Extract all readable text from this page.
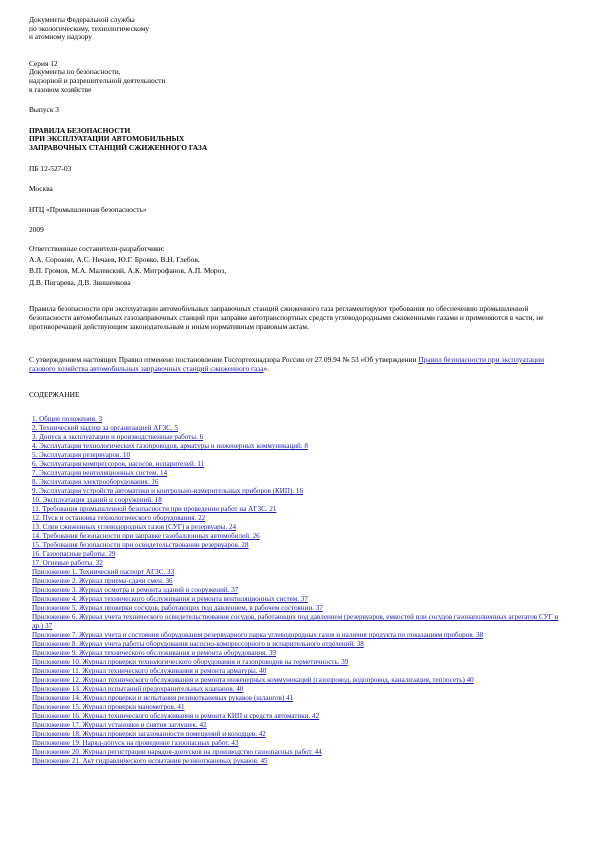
Документы Федеральной службы
по экологическому, технологическому
и атомному надзору
Серия 12
Документы по безопасности,
надзорной и разрешительной деятельности
в газовом хозяйстве
Выпуск 3
ПРАВИЛА БЕЗОПАСНОСТИ
ПРИ ЭКСПЛУАТАЦИИ АВТОМОБИЛЬНЫХ
ЗАПРАВОЧНЫХ СТАНЦИЙ СЖИЖЕННОГО ГАЗА
ПБ 12-527-03
Москва
НТЦ «Промышленная безопасность»
2009
Ответственные составители-разработчики:
А.А. Сорокин, А.С. Нечаев, Ю.Г. Бровко, В.Н. Глебов,
В.П. Громов, М.А. Малевский, А.К. Митрофанов, А.П. Мороз,
Д.В. Пигарева, Д.В. Звишенкова

Правила безопасности при эксплуатации автомобильных заправочных станций сжиженного газа регламентируют требования по обеспечению промышленной безопасности автомобильных газозаправочных станций при заправке автотранспортных средств углеводородными сжиженными газами и применяются в части, не противоречащей действующим законодательным и иным нормативным правовым актам.

С утверждением настоящих Правил отменено постановление Госгортехнадзора России от 27.09.94 № 53 «Об утверждении Правил безопасности при эксплуатации газового хозяйства автомобильных заправочных станций сжиженного газа».

СОДЕРЖАНИЕ
1. Общие положения. 3
2. Технический надзор за организацией АГЗС. 5
3. Допуск к эксплуатации и производственные работы. 6
4. Эксплуатация технологических газопроводов, арматуры и инженерных коммуникаций. 8
5. Эксплуатация резервуаров. 10
6. Эксплуатация компрессоров, насосов, испарителей. 11
7. Эксплуатация вентиляционных систем. 14
8. Эксплуатация электрооборудования. 16
9. Эксплуатация устройств автоматики и контрольно-измерительных приборов (КИП). 16
10. Эксплуатация зданий и сооружений. 18
11. Требования промышленной безопасности при проведении работ на АГЗС. 21
12. Пуск и остановка технологического оборудования. 22
13. Слив сжиженных углеводородных газов (СУГ) в резервуары. 24
14. Требования безопасности при заправке газобаллонных автомобилей. 26
15. Требования безопасности при освидетельствовании резервуаров. 28
16. Газоопасные работы. 29
17. Огневые работы. 32
Приложение 1. Технический паспорт АГЗС. 33
Приложение 2. Журнал приема-сдачи смен. 36
Приложение 3. Журнал осмотра и ремонта зданий и сооружений. 37
Приложение 4. Журнал технического обслуживания и ремонта вентиляционных систем. 37
Приложение 5. Журнал проверки сосудов, работающих под давлением, в рабочем состоянии. 37
Приложение 6. Журнал учета технического освидетельствования сосудов, работающих под давлением (резервуаров, емкостей или сосудов газонаполненных агрегатов СУГ и др.) 37
Приложение 7. Журнал учета и состояния оборудования резервуарного парка углеводородных газов и наличия продукта по показаниям приборов. 38
Приложение 8. Журнал учета работы оборудования насосно-компрессорного и испарительного отделений. 38
Приложение 9. Журнал технического обслуживания и ремонта оборудования. 39
Приложение 10. Журнал проверки технологического оборудования и газопроводов на герметичность. 39
Приложение 11. Журнал технического обслуживания и ремонта арматуры. 40
Приложение 12. Журнал технического обслуживания и ремонта инженерных коммуникаций (газопровод, водопровод, канализация, теплосеть) 40
Приложение 13. Журнал испытаний предохранительных клапанов. 40
Приложение 14. Журнал проверки и испытания резинотканевых рукавов (шлангов) 41
Приложение 15. Журнал проверки манометров. 41
Приложение 16. Журнал технического обслуживания и ремонта КИП и средств автоматики. 42
Приложение 17. Журнал установки и снятия заглушек. 42
Приложение 18. Журнал проверки загазованности помещений и колодцев. 42
Приложение 19. Наряд-допуск на проведение газоопасных работ. 43
Приложение 20. Журнал регистрации нарядов-допусков на производство газоопасных работ. 44
Приложение 21. Акт гидравлического испытания резинотканевых рукавов. 45
